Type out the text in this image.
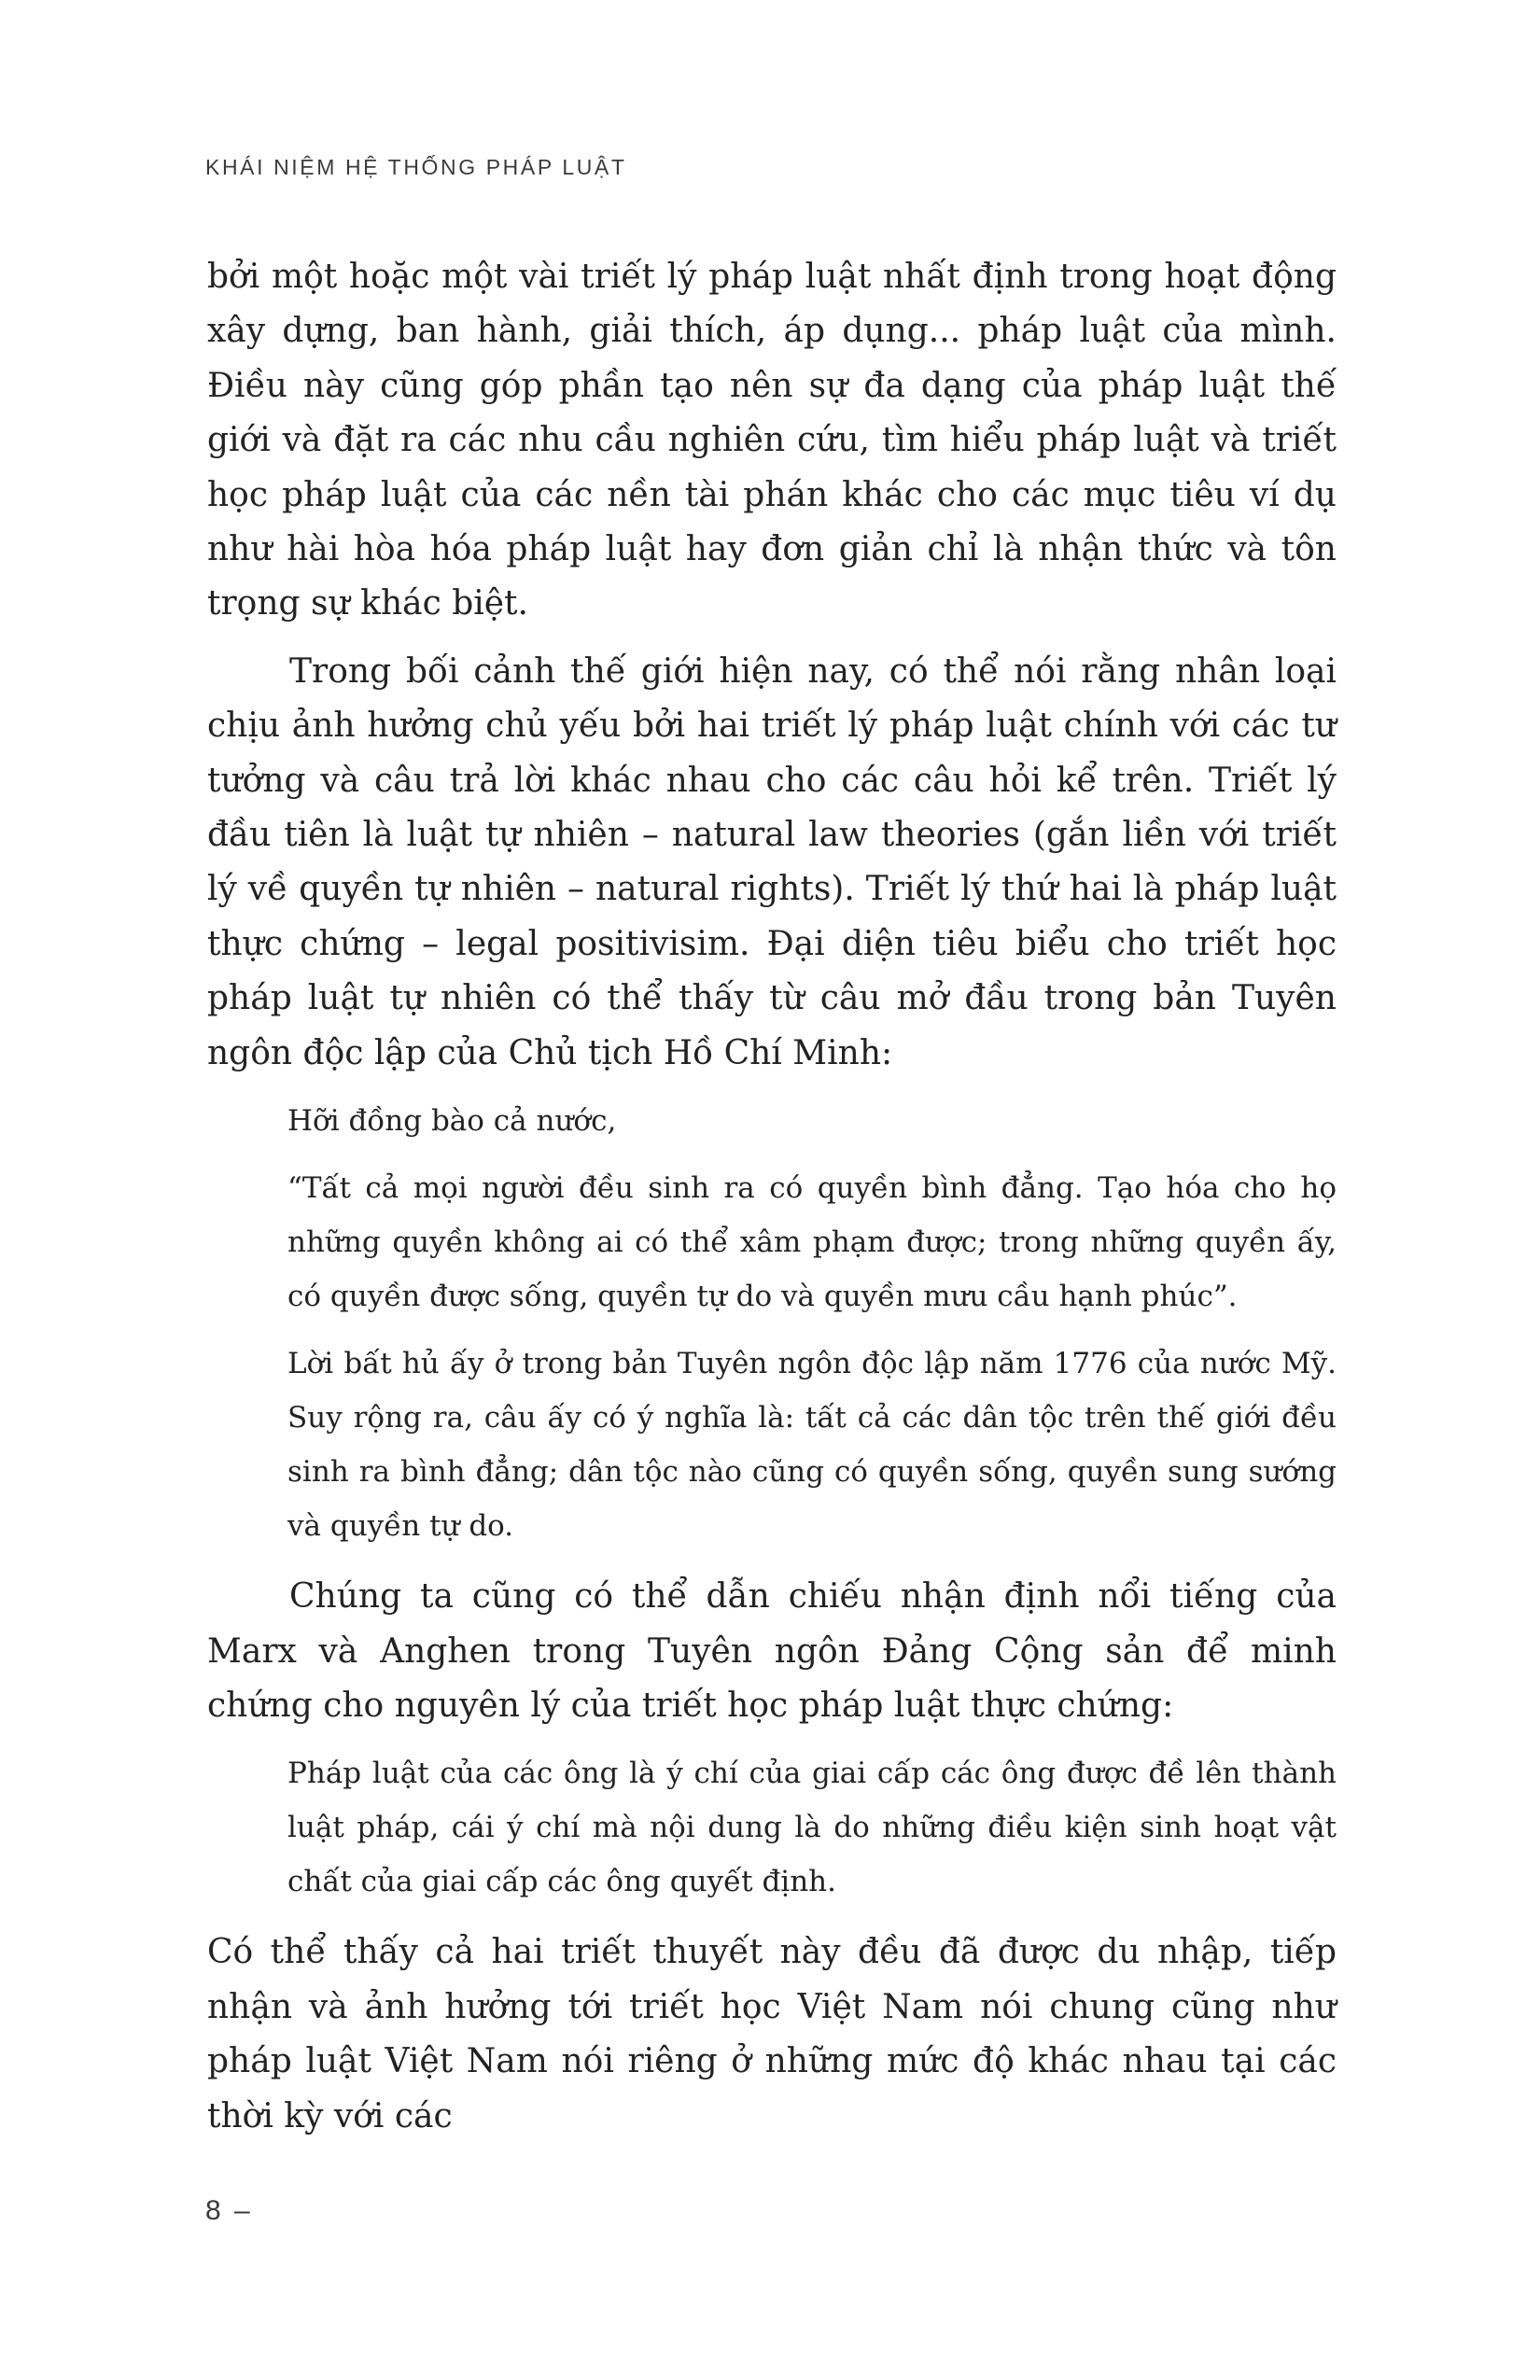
KHÁI NIỆM HỆ THỐNG PHÁP LUẬT

bởi một hoặc một vài triết lý pháp luật nhất định trong hoạt động xây dựng, ban hành, giải thích, áp dụng... pháp luật của mình. Điều này cũng góp phần tạo nên sự đa dạng của pháp luật thế giới và đặt ra các nhu cầu nghiên cứu, tìm hiểu pháp luật và triết học pháp luật của các nền tài phán khác cho các mục tiêu ví dụ như hài hòa hóa pháp luật hay đơn giản chỉ là nhận thức và tôn trọng sự khác biệt.

Trong bối cảnh thế giới hiện nay, có thể nói rằng nhân loại chịu ảnh hưởng chủ yếu bởi hai triết lý pháp luật chính với các tư tưởng và câu trả lời khác nhau cho các câu hỏi kể trên. Triết lý đầu tiên là luật tự nhiên – natural law theories (gắn liền với triết lý về quyền tự nhiên – natural rights). Triết lý thứ hai là pháp luật thực chứng – legal positivisim. Đại diện tiêu biểu cho triết học pháp luật tự nhiên có thể thấy từ câu mở đầu trong bản Tuyên ngôn độc lập của Chủ tịch Hồ Chí Minh:

Hỡi đồng bào cả nước,

“Tất cả mọi người đều sinh ra có quyền bình đẳng. Tạo hóa cho họ những quyền không ai có thể xâm phạm được; trong những quyền ấy, có quyền được sống, quyền tự do và quyền mưu cầu hạnh phúc”.

Lời bất hủ ấy ở trong bản Tuyên ngôn độc lập năm 1776 của nước Mỹ. Suy rộng ra, câu ấy có ý nghĩa là: tất cả các dân tộc trên thế giới đều sinh ra bình đẳng; dân tộc nào cũng có quyền sống, quyền sung sướng và quyền tự do.

Chúng ta cũng có thể dẫn chiếu nhận định nổi tiếng của Marx và Anghen trong Tuyên ngôn Đảng Cộng sản để minh chứng cho nguyên lý của triết học pháp luật thực chứng:

Pháp luật của các ông là ý chí của giai cấp các ông được đề lên thành luật pháp, cái ý chí mà nội dung là do những điều kiện sinh hoạt vật chất của giai cấp các ông quyết định.

Có thể thấy cả hai triết thuyết này đều đã được du nhập, tiếp nhận và ảnh hưởng tới triết học Việt Nam nói chung cũng như pháp luật Việt Nam nói riêng ở những mức độ khác nhau tại các thời kỳ với các

8 –
